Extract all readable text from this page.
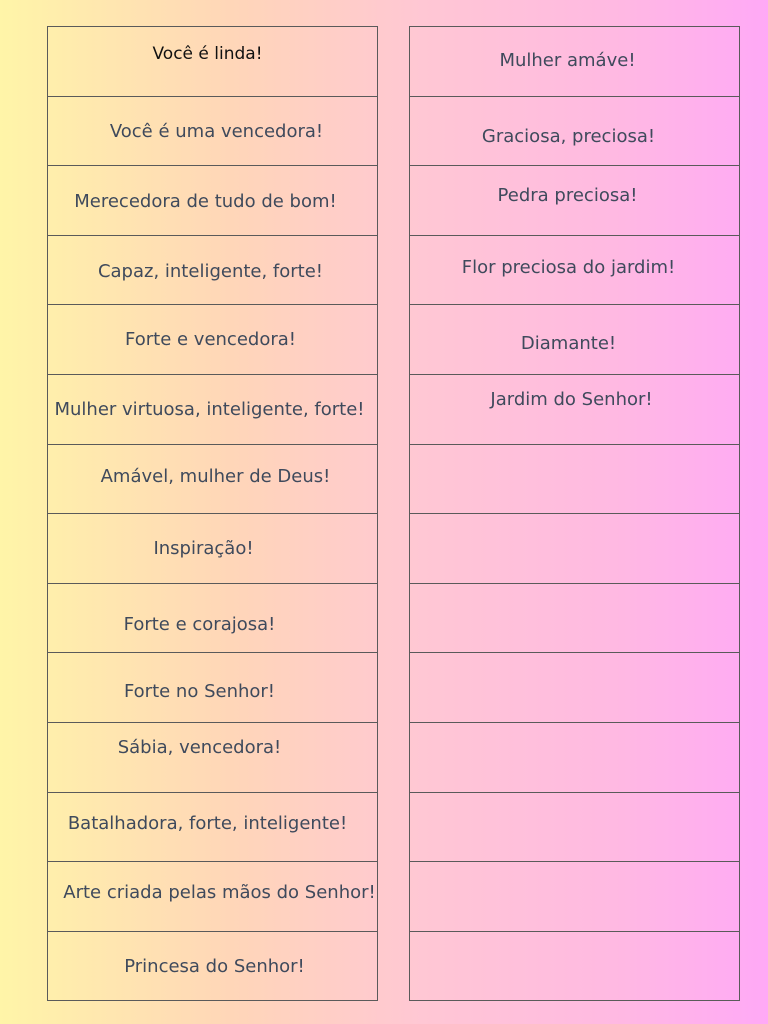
Você é linda!
Você é uma vencedora!
Merecedora de tudo de bom!
Capaz, inteligente, forte!
Forte e vencedora!
Mulher virtuosa, inteligente, forte!
Amável, mulher de Deus!
Inspiração!
Forte e corajosa!
Forte no Senhor!
Sábia, vencedora!
Batalhadora, forte, inteligente!
Arte criada pelas mãos do Senhor!
Princesa do Senhor!
Mulher amáve!
Graciosa, preciosa!
Pedra preciosa!
Flor preciosa do jardim!
Diamante!
Jardim do Senhor!
